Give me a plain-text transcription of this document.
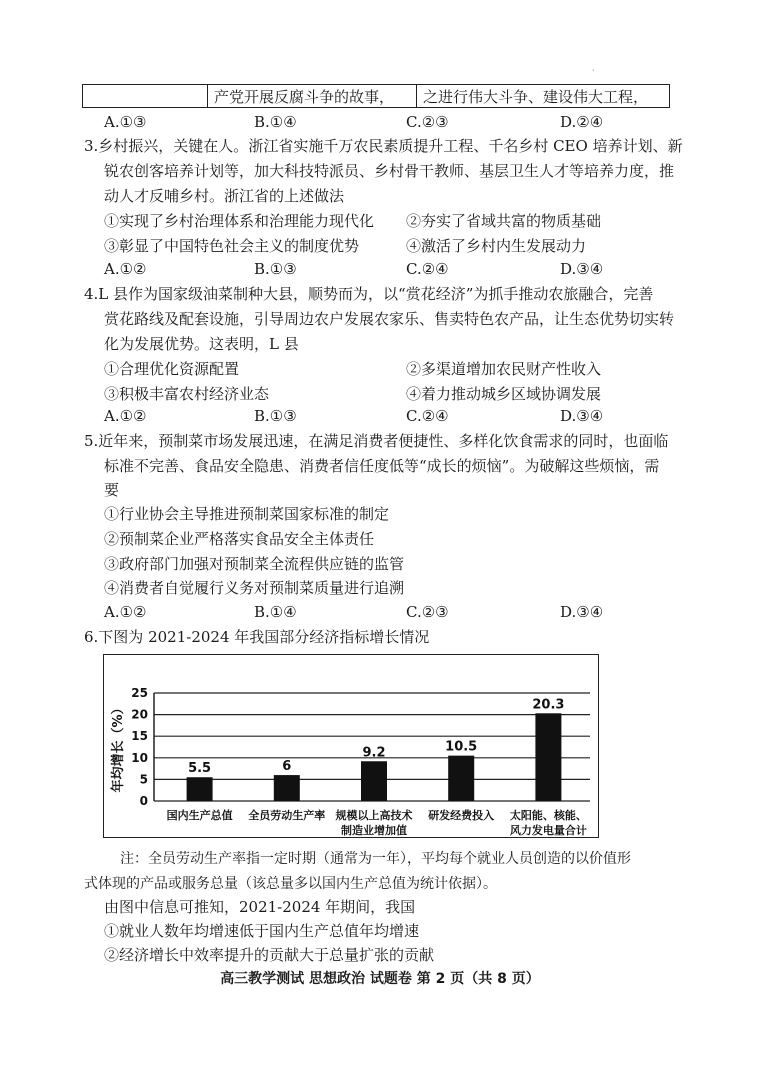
·
	产党开展反腐斗争的故事，	之进行伟大斗争、建设伟大工程，
A.①③	B.①④	C.②③	D.②④
3.乡村振兴，关键在人。浙江省实施千万农民素质提升工程、千名乡村 CEO 培养计划、新
锐农创客培养计划等，加大科技特派员、乡村骨干教师、基层卫生人才等培养力度，推
动人才反哺乡村。浙江省的上述做法
①实现了乡村治理体系和治理能力现代化 ②夯实了省域共富的物质基础
③彰显了中国特色社会主义的制度优势	④激活了乡村内生发展动力
A.①②	B.①③	C.②④	D.③④
4.L 县作为国家级油菜制种大县，顺势而为，以“赏花经济”为抓手推动农旅融合，完善
赏花路线及配套设施，引导周边农户发展农家乐、售卖特色农产品，让生态优势切实转
化为发展优势。这表明，L 县
①合理优化资源配置	②多渠道增加农民财产性收入
③积极丰富农村经济业态	④着力推动城乡区域协调发展
A.①②	B.①③	C.②④	D.③④
5.近年来，预制菜市场发展迅速，在满足消费者便捷性、多样化饮食需求的同时，也面临
标准不完善、食品安全隐患、消费者信任度低等“成长的烦恼”。为破解这些烦恼，需
要
①行业协会主导推进预制菜国家标准的制定
②预制菜企业严格落实食品安全主体责任
③政府部门加强对预制菜全流程供应链的监管
④消费者自觉履行义务对预制菜质量进行追溯
A.①②	B.①④	C.②③	D.③④
6.下图为 2021-2024 年我国部分经济指标增长情况
0
5
10
15
20
25
年均增长（%）	5.5
国内生产总值
6
全员劳动生产率
9.2
规模以上高技术
制造业增加值
10.5
研发经费投入
20.3
太阳能、核能、
风力发电量合计
注：全员劳动生产率指一定时期（通常为一年），平均每个就业人员创造的以价值形
式体现的产品或服务总量（该总量多以国内生产总值为统计依据）。
由图中信息可推知，2021-2024 年期间，我国
①就业人数年均增速低于国内生产总值年均增速
②经济增长中效率提升的贡献大于总量扩张的贡献
高三教学测试 思想政治 试题卷 第 2 页（共 8 页）
